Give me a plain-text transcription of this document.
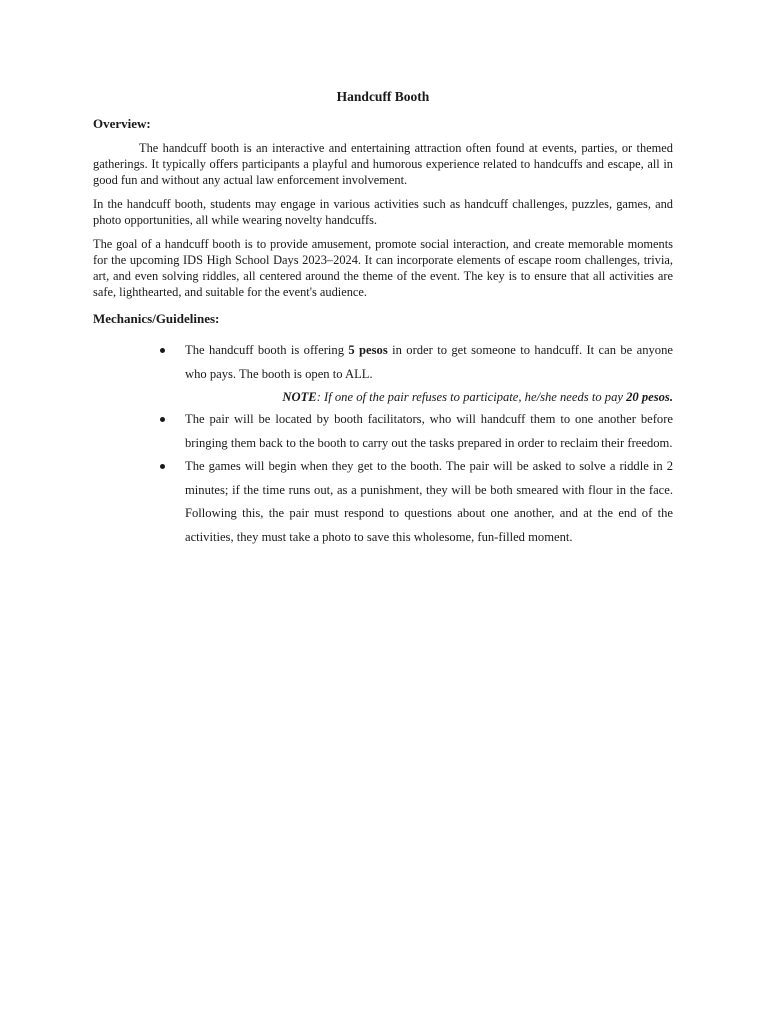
Handcuff Booth
Overview:

The handcuff booth is an interactive and entertaining attraction often found at events, parties, or themed gatherings. It typically offers participants a playful and humorous experience related to handcuffs and escape, all in good fun and without any actual law enforcement involvement.

In the handcuff booth, students may engage in various activities such as handcuff challenges, puzzles, games, and photo opportunities, all while wearing novelty handcuffs.

The goal of a handcuff booth is to provide amusement, promote social interaction, and create memorable moments for the upcoming IDS High School Days 2023–2024. It can incorporate elements of escape room challenges, trivia, art, and even solving riddles, all centered around the theme of the event. The key is to ensure that all activities are safe, lighthearted, and suitable for the event's audience.

Mechanics/Guidelines:
The handcuff booth is offering 5 pesos in order to get someone to handcuff. It can be anyone who pays. The booth is open to ALL.
NOTE: If one of the pair refuses to participate, he/she needs to pay 20 pesos.
The pair will be located by booth facilitators, who will handcuff them to one another before bringing them back to the booth to carry out the tasks prepared in order to reclaim their freedom.
The games will begin when they get to the booth. The pair will be asked to solve a riddle in 2 minutes; if the time runs out, as a punishment, they will be both smeared with flour in the face. Following this, the pair must respond to questions about one another, and at the end of the activities, they must take a photo to save this wholesome, fun-filled moment.
